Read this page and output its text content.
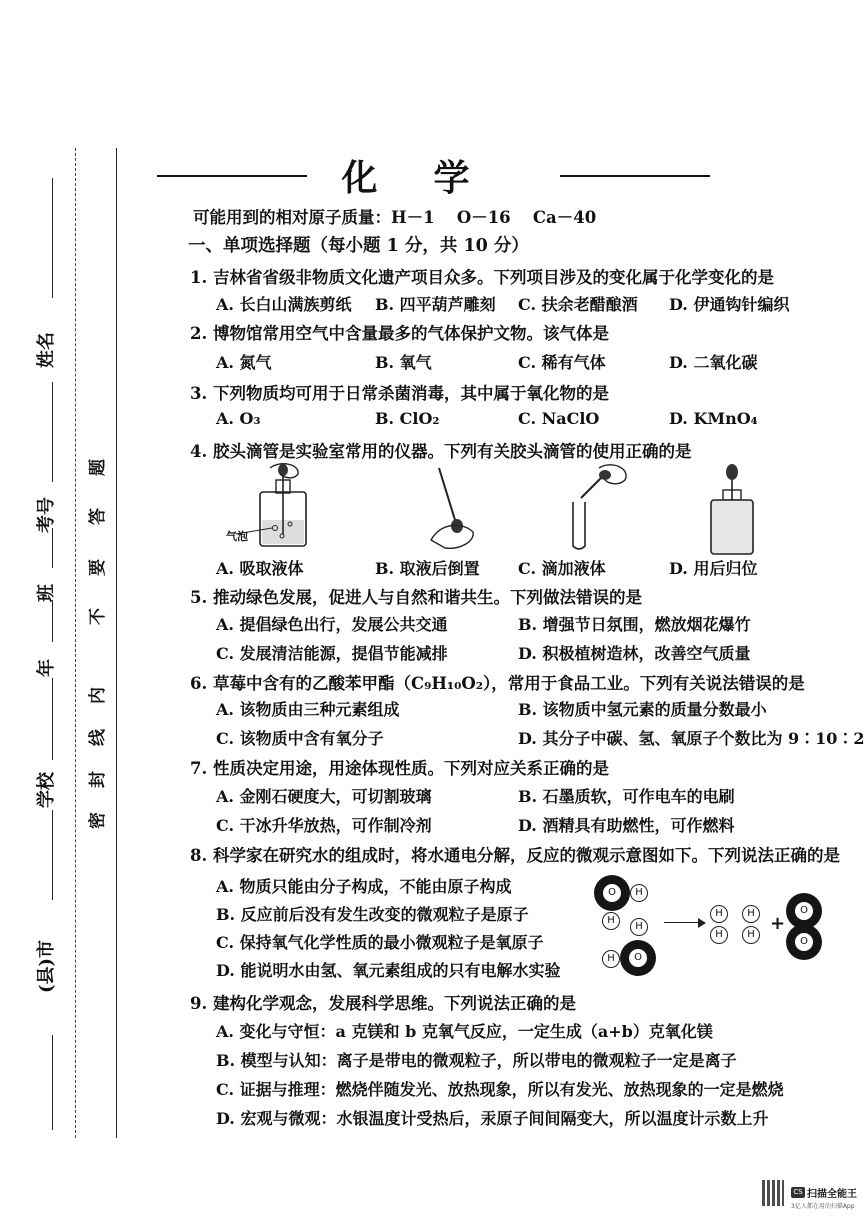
姓名
考号
班
年
学校
(县)市
密
封
线
内
不
要
答
题
化学
可能用到的相对原子质量：H－1　 O－16　 Ca－40
一、单项选择题（每小题 1 分，共 10 分）
1. 吉林省省级非物质文化遗产项目众多。下列项目涉及的变化属于化学变化的是
A. 长白山满族剪纸 B. 四平葫芦雕刻 C. 扶余老醋酿酒 D. 伊通钩针编织
2. 博物馆常用空气中含量最多的气体保护文物。该气体是
A. 氮气	B. 氧气	C. 稀有气体	D. 二氧化碳
3. 下列物质均可用于日常杀菌消毒，其中属于氧化物的是
A. O₃	B. ClO₂	C. NaClO	D. KMnO₄
4. 胶头滴管是实验室常用的仪器。下列有关胶头滴管的使用正确的是
气泡
A. 吸取液体	B. 取液后倒置 C. 滴加液体	D. 用后归位
5. 推动绿色发展，促进人与自然和谐共生。下列做法错误的是
A. 提倡绿色出行，发展公共交通	B. 增强节日氛围，燃放烟花爆竹
C. 发展清洁能源，提倡节能减排	D. 积极植树造林，改善空气质量
6. 草莓中含有的乙酸苯甲酯（C₉H₁₀O₂），常用于食品工业。下列有关说法错误的是
A. 该物质由三种元素组成	B. 该物质中氢元素的质量分数最小
C. 该物质中含有氧分子	D. 其分子中碳、氢、氧原子个数比为 9∶10∶2
7. 性质决定用途，用途体现性质。下列对应关系正确的是
A. 金刚石硬度大，可切割玻璃	B. 石墨质软，可作电车的电刷
C. 干冰升华放热，可作制冷剂	D. 酒精具有助燃性，可作燃料
8. 科学家在研究水的组成时，将水通电分解，反应的微观示意图如下。下列说法正确的是
A. 物质只能由分子构成，不能由原子构成
B. 反应前后没有发生改变的微观粒子是原子
C. 保持氧气化学性质的最小微观粒子是氧原子
D. 能说明水由氢、氧元素组成的只有电解水实验
O	H
H
H
H	O
H
H
H
H
+
O
O
9. 建构化学观念，发展科学思维。下列说法正确的是
A. 变化与守恒：a 克镁和 b 克氧气反应，一定生成（a+b）克氧化镁
B. 模型与认知：离子是带电的微观粒子，所以带电的微观粒子一定是离子
C. 证据与推理：燃烧伴随发光、放热现象，所以有发光、放热现象的一定是燃烧
D. 宏观与微观：水银温度计受热后，汞原子间间隔变大，所以温度计示数上升
CS 扫描全能王
3亿人都在用的扫描App
